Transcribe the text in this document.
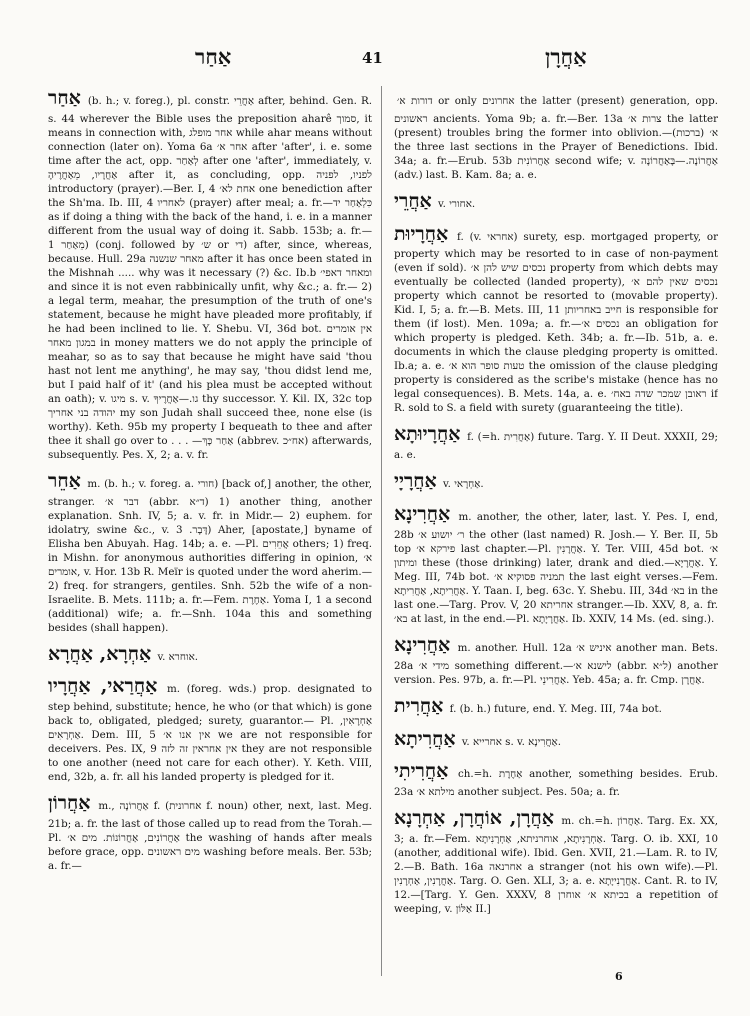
אַחַר	41	אַחֲרָן

אַחַר (b. h.; v. foreg.), pl. constr. אַחֲרֵי after, behind. Gen. R. s. 44 wherever the Bible uses the preposition aharê סמוך, it means in connection with, אחר מופלג while ahar means without connection (later on). Yoma 6a אחר א׳ after 'after', i. e. some time after the act, opp. לְאַחַר after one 'after', immediately, v. אַחֲרָיו, מֵאַחֲרֶיהָ after it, as concluding, opp. לפניו, לפניה introductory (prayer).—Ber. I, 4 אחת לא׳ one benediction after the Sh'ma. Ib. III, 4 לאחריו (prayer) after meal; a. fr.—כִּלְאַחַר יד as if doing a thing with the back of the hand, i. e. in a manner different from the usual way of doing it. Sabb. 153b; a. fr.—מֵאַחַר 1) (conj. followed by ש׳ or די) after, since, whereas, because. Hull. 29a מאחר שנשנה after it has once been stated in the Mishnah ..... why was it necessary (?) &c. Ib.b ומאחר דאפי׳ and since it is not even rabbinically unfit, why &c.; a. fr.— 2) a legal term, meahar, the presumption of the truth of one's statement, because he might have pleaded more profitably, if he had been inclined to lie. Y. Shebu. VI, 36d bot. אין אומרים במגון מאחר in money matters we do not apply the principle of meahar, so as to say that because he might have said 'thou hast not lent me anything', he may say, 'thou didst lend me, but I paid half of it' (and his plea must be accepted without an oath); v. מיגו s. v. גו.—אַחֲרֶיךָ thy successor. Y. Kil. IX, 32c top יהודה בני אחריך my son Judah shall succeed thee, none else (is worthy). Keth. 95b my property I bequeath to thee and after thee it shall go over to . . . —אַחַר כָּךְ (abbrev. אח״כ) afterwards, subsequently. Pes. X, 2; a. v. fr.

אַחֵר m. (b. h.; v. foreg. a. חורי) [back of,] another, the other, stranger. דבר א׳ (abbr. ד״א) 1) another thing, another explanation. Snh. IV, 5; a. v. fr. in Midr.— 2) euphem. for idolatry, swine &c., v. דָּבָר. 3) Aher, [apostate,] byname of Elisha ben Abuyah. Hag. 14b; a. e. —Pl. אֲחֵרִים others; 1) freq. in Mishn. for anonymous authorities differing in opinion, א׳ אומרים, v. Hor. 13b R. Meïr is quoted under the word aherim.— 2) freq. for strangers, gentiles. Snh. 52b the wife of a non-Israelite. B. Mets. 111b; a. fr.—Fem. אַחֶרֶת. Yoma I, 1 a second (additional) wife; a. fr.—Snh. 104a this and something besides (shall happen).

אַחְרָא, אַחֲרָא v. אוחרא.

אַחֲרַאי, אַחֲרָיו m. (foreg. wds.) prop. designated to step behind, substitute; hence, he who (or that which) is gone back to, obligated, pledged; surety, guarantor.— Pl. אַחְרָאִין, אַחְרָאִים. Dem. III, 5 אין אנו א׳ we are not responsible for deceivers. Pes. IX, 9 אין אחראין זה לזה they are not responsible to one another (need not care for each other). Y. Keth. VIII, end, 32b, a. fr. all his landed property is pledged for it.

אַחֲרוֹן m., אַחֲרוֹנָה f. (אחרונית f. noun) other, next, last. Meg. 21b; a. fr. the last of those called up to read from the Torah.—Pl. אַחֲרוֹנִים, אַחֲרוֹנוֹת. מים א׳ the washing of hands after meals before grace, opp. מים ראשונים washing before meals. Ber. 53b; a. fr.—

דורות א׳ or only אחרונים the latter (present) generation, opp. ראשונים ancients. Yoma 9b; a. fr.—Ber. 13a צרות א׳ the latter (present) troubles bring the former into oblivion.—(ברכות) א׳ the three last sections in the Prayer of Benedictions. Ibid. 34a; a. fr.—Erub. 53b אַחֲרוֹנִית second wife; v. אַחֲרוֹנָה.—בָּאַחֲרוֹנָה (adv.) last. B. Kam. 8a; a. e.

אַחֲרֵי v. אחורי.

אַחֲרָיוּת f. (v. אחראי) surety, esp. mortgaged property, or property which may be resorted to in case of non-payment (even if sold). נכסים שיש להן א׳ property from which debts may eventually be collected (landed property), נכסים שאין להם א׳ property which cannot be resorted to (movable property). Kid. I, 5; a. fr.—B. Mets. III, 11 חייב באחריותן is responsible for them (if lost). Men. 109a; a. fr.—נכסים א׳ an obligation for which property is pledged. Keth. 34b; a. fr.—Ib. 51b, a. e. documents in which the clause pledging property is omitted. Ib.a; a. e. טעות סופר הוא א׳ the omission of the clause pledging property is considered as the scribe's mistake (hence has no legal consequences). B. Mets. 14a, a. e. ראובן שמכר שדה באח׳ if R. sold to S. a field with surety (guaranteeing the title).

אַחֲרָיוּתָא f. (=h. אַחֲרִית) future. Targ. Y. II Deut. XXXII, 29; a. e.

אַחֲרָיָי v. אַחְרָאי.

אַחֲרִינָא m. another, the other, later, last. Y. Pes. I, end, 28b ר׳ יושוע א׳ the other (last named) R. Josh.— Y. Ber. II, 5b top פירקא א׳ last chapter.—Pl. אַחֲרָנִין. Y. Ter. VIII, 45d bot. א׳ ומיתון these (those drinking) later, drank and died.—אַחֲרָיָא. Y. Meg. III, 74b bot. תמניה פסוקיא א׳ the last eight verses.—Fem. אַחֲרִיתָא, אַחֲרִיתָא. Y. Taan. I, beg. 63c. Y. Shebu. III, 34d בא׳ in the last one.—Targ. Prov. V, 20 אחריתא stranger.—Ib. XXV, 8, a. fr. בא׳ at last, in the end.—Pl. אַחֲרָיָתָא. Ib. XXIV, 14 Ms. (ed. sing.).

אַחֲרִינָא m. another. Hull. 12a איניש א׳ another man. Bets. 28a מידי א׳ something different.—לישנא א׳ (abbr. ל״א) another version. Pes. 97b, a. fr.—Pl. אַחֲרִינֵי. Yeb. 45a; a. fr. Cmp. אַחֲרָן.

אַחֲרִית f. (b. h.) future, end. Y. Meg. III, 74a bot.

אַחֲרִיתָא v. אחרייא s. v. אַחֲרִינָא.

אַחֲרִיתִי ch.=h. אַחֶרֶת another, something besides. Erub. 23a מילתא א׳ another subject. Pes. 50a; a. fr.

אַחֲרָן, אוֹחֲרָן, אַחְרָנָא m. ch.=h. אַחֲרוֹן. Targ. Ex. XX, 3; a. fr.—Fem. אַחְרָנִיתָא, אוחרניתא, אַחְרָנִיתָא. Targ. O. ib. XXI, 10 (another, additional wife). Ibid. Gen. XVII, 21.—Lam. R. to IV, 2.—B. Bath. 16a אחרנאה a stranger (not his own wife).—Pl. אַחֲרָנִין, אַחְרָנִין. Targ. O. Gen. XLI, 3; a. e. אַחֲרָנִייָתָא. Cant. R. to IV, 12.—[Targ. Y. Gen. XXXV, 8 בכיתא א׳ אוחרן a repetition of weeping, v. אַלּוֹן II.]

6
